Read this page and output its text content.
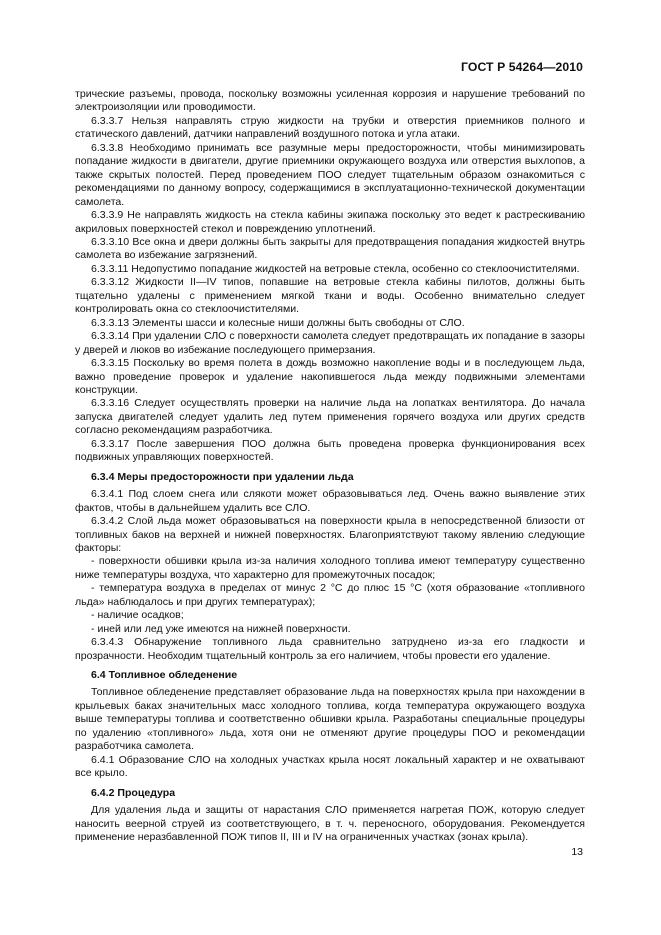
ГОСТ Р 54264—2010

трические разъемы, провода, поскольку возможны усиленная коррозия и нарушение требований по электроизоляции или проводимости.

6.3.3.7 Нельзя направлять струю жидкости на трубки и отверстия приемников полного и статического давлений, датчики направлений воздушного потока и угла атаки.

6.3.3.8 Необходимо принимать все разумные меры предосторожности, чтобы минимизировать попадание жидкости в двигатели, другие приемники окружающего воздуха или отверстия выхлопов, а также скрытых полостей. Перед проведением ПОО следует тщательным образом ознакомиться с рекомендациями по данному вопросу, содержащимися в эксплуатационно-технической документации самолета.

6.3.3.9 Не направлять жидкость на стекла кабины экипажа поскольку это ведет к растрескиванию акриловых поверхностей стекол и повреждению уплотнений.

6.3.3.10 Все окна и двери должны быть закрыты для предотвращения попадания жидкостей внутрь самолета во избежание загрязнений.

6.3.3.11 Недопустимо попадание жидкостей на ветровые стекла, особенно со стеклоочистителями.

6.3.3.12 Жидкости II—IV типов, попавшие на ветровые стекла кабины пилотов, должны быть тщательно удалены с применением мягкой ткани и воды. Особенно внимательно следует контролировать окна со стеклоочистителями.

6.3.3.13 Элементы шасси и колесные ниши должны быть свободны от СЛО.

6.3.3.14 При удалении СЛО с поверхности самолета следует предотвращать их попадание в зазоры у дверей и люков во избежание последующего примерзания.

6.3.3.15 Поскольку во время полета в дождь возможно накопление воды и в последующем льда, важно проведение проверок и удаление накопившегося льда между подвижными элементами конструкции.

6.3.3.16 Следует осуществлять проверки на наличие льда на лопатках вентилятора. До начала запуска двигателей следует удалить лед путем применения горячего воздуха или других средств согласно рекомендациям разработчика.

6.3.3.17 После завершения ПОО должна быть проведена проверка функционирования всех подвижных управляющих поверхностей.

6.3.4 Меры предосторожности при удалении льда

6.3.4.1 Под слоем снега или слякоти может образовываться лед. Очень важно выявление этих фактов, чтобы в дальнейшем удалить все СЛО.

6.3.4.2 Слой льда может образовываться на поверхности крыла в непосредственной близости от топливных баков на верхней и нижней поверхностях. Благоприятствуют такому явлению следующие факторы:

- поверхности обшивки крыла из-за наличия холодного топлива имеют температуру существенно ниже температуры воздуха, что характерно для промежуточных посадок;

- температура воздуха в пределах от минус 2 °С до плюс 15 °С (хотя образование «топливного льда» наблюдалось и при других температурах);

- наличие осадков;

- иней или лед уже имеются на нижней поверхности.

6.3.4.3 Обнаружение топливного льда сравнительно затруднено из-за его гладкости и прозрачности. Необходим тщательный контроль за его наличием, чтобы провести его удаление.

6.4 Топливное обледенение

Топливное обледенение представляет образование льда на поверхностях крыла при нахождении в крыльевых баках значительных масс холодного топлива, когда температура окружающего воздуха выше температуры топлива и соответственно обшивки крыла. Разработаны специальные процедуры по удалению «топливного» льда, хотя они не отменяют другие процедуры ПОО и рекомендации разработчика самолета.

6.4.1 Образование СЛО на холодных участках крыла носят локальный характер и не охватывают все крыло.

6.4.2 Процедура

Для удаления льда и защиты от нарастания СЛО применяется нагретая ПОЖ, которую следует наносить веерной струей из соответствующего, в т. ч. переносного, оборудования. Рекомендуется применение неразбавленной ПОЖ типов II, III и IV на ограниченных участках (зонах крыла).

13
